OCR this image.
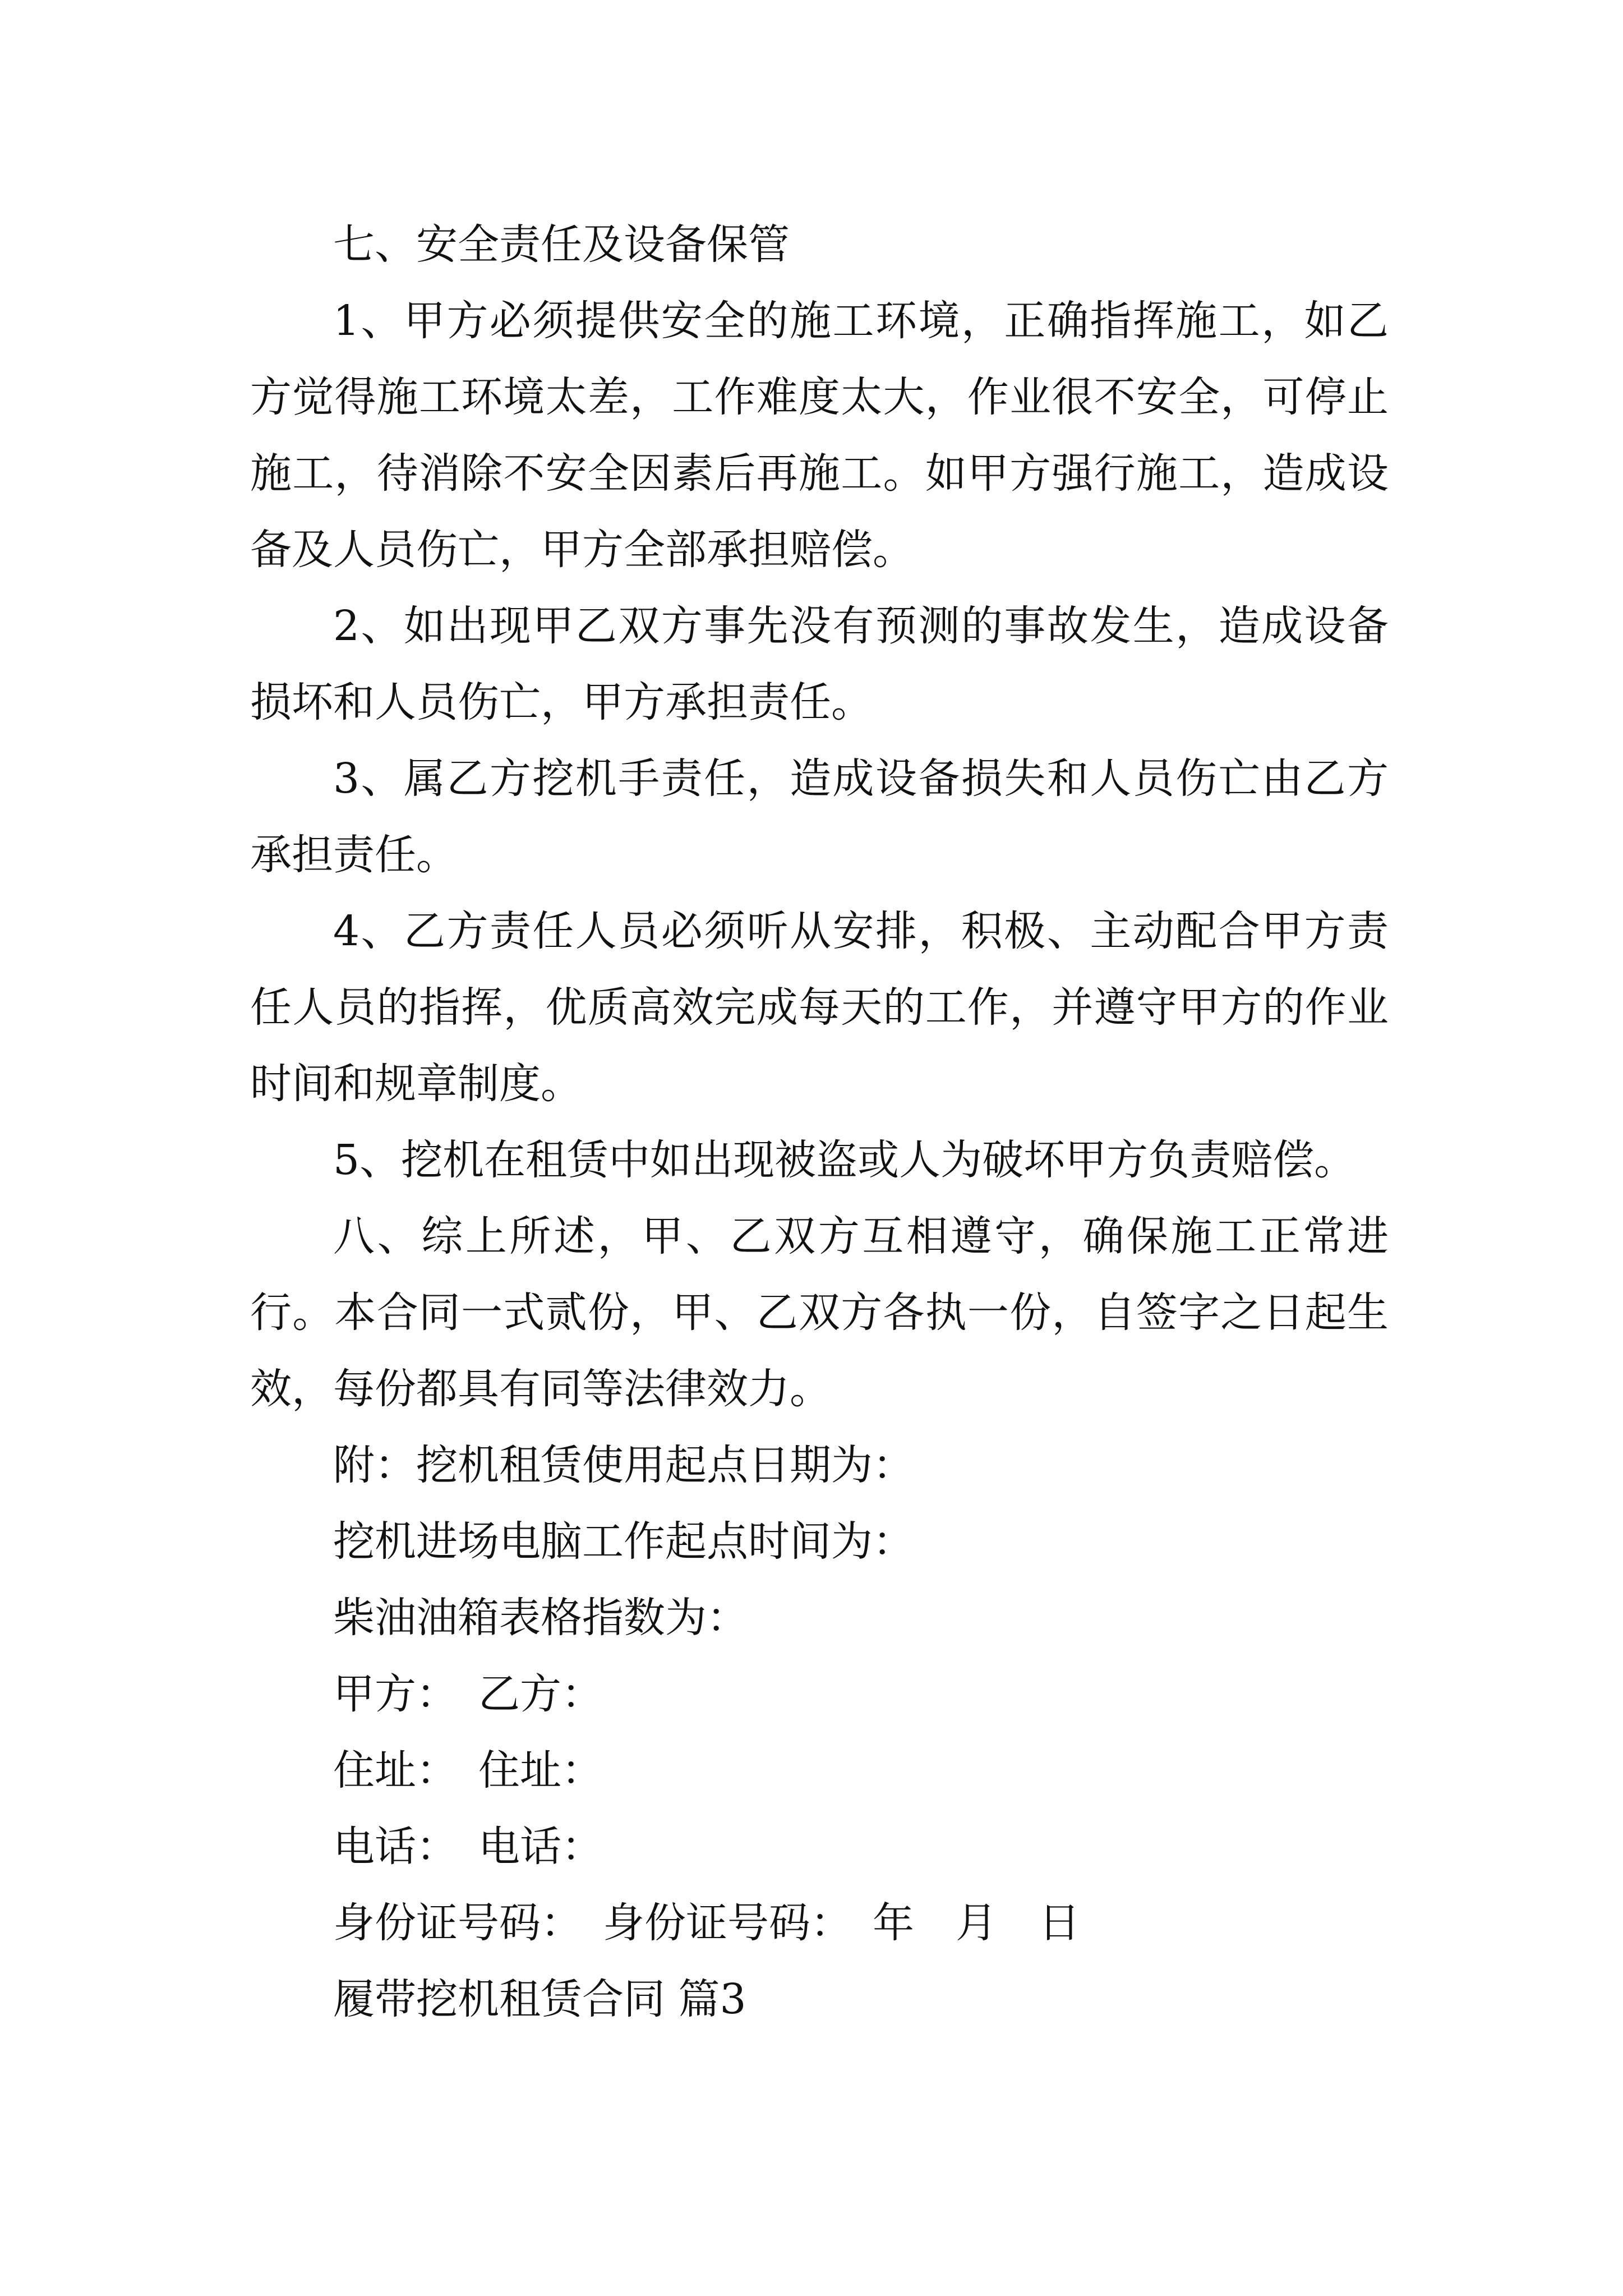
七、安全责任及设备保管

1、甲方必须提供安全的施工环境，正确指挥施工，如乙方觉得施工环境太差，工作难度太大，作业很不安全，可停止施工，待消除不安全因素后再施工。如甲方强行施工，造成设备及人员伤亡，甲方全部承担赔偿。

2、如出现甲乙双方事先没有预测的事故发生，造成设备损坏和人员伤亡，甲方承担责任。

3、属乙方挖机手责任，造成设备损失和人员伤亡由乙方承担责任。

4、乙方责任人员必须听从安排，积极、主动配合甲方责任人员的指挥，优质高效完成每天的工作，并遵守甲方的作业时间和规章制度。

5、挖机在租赁中如出现被盗或人为破坏甲方负责赔偿。

八、综上所述，甲、乙双方互相遵守，确保施工正常进行。本合同一式贰份，甲、乙双方各执一份，自签字之日起生效，每份都具有同等法律效力。

附：挖机租赁使用起点日期为：

挖机进场电脑工作起点时间为：

柴油油箱表格指数为：

甲方：　乙方：

住址：　住址：

电话：　电话：

身份证号码：　身份证号码：　年　月　日

履带挖机租赁合同 篇3
